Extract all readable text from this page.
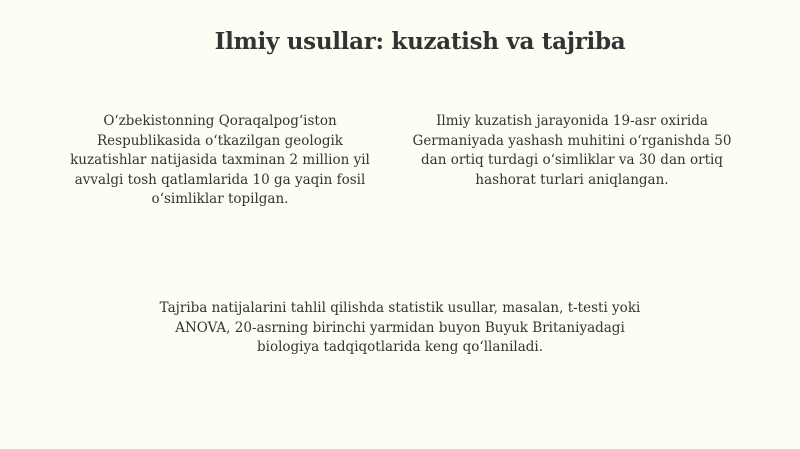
Ilmiy usullar: kuzatish va tajriba
O‘zbekistonning Qoraqalpog‘iston
Respublikasida o‘tkazilgan geologik
kuzatishlar natijasida taxminan 2 million yil
avvalgi tosh qatlamlarida 10 ga yaqin fosil
o‘simliklar topilgan.
Ilmiy kuzatish jarayonida 19-asr oxirida
Germaniyada yashash muhitini o‘rganishda 50
dan ortiq turdagi o‘simliklar va 30 dan ortiq
hashorat turlari aniqlangan.
Tajriba natijalarini tahlil qilishda statistik usullar, masalan, t-testi yoki
ANOVA, 20-asrning birinchi yarmidan buyon Buyuk Britaniyadagi
biologiya tadqiqotlarida keng qo‘llaniladi.
